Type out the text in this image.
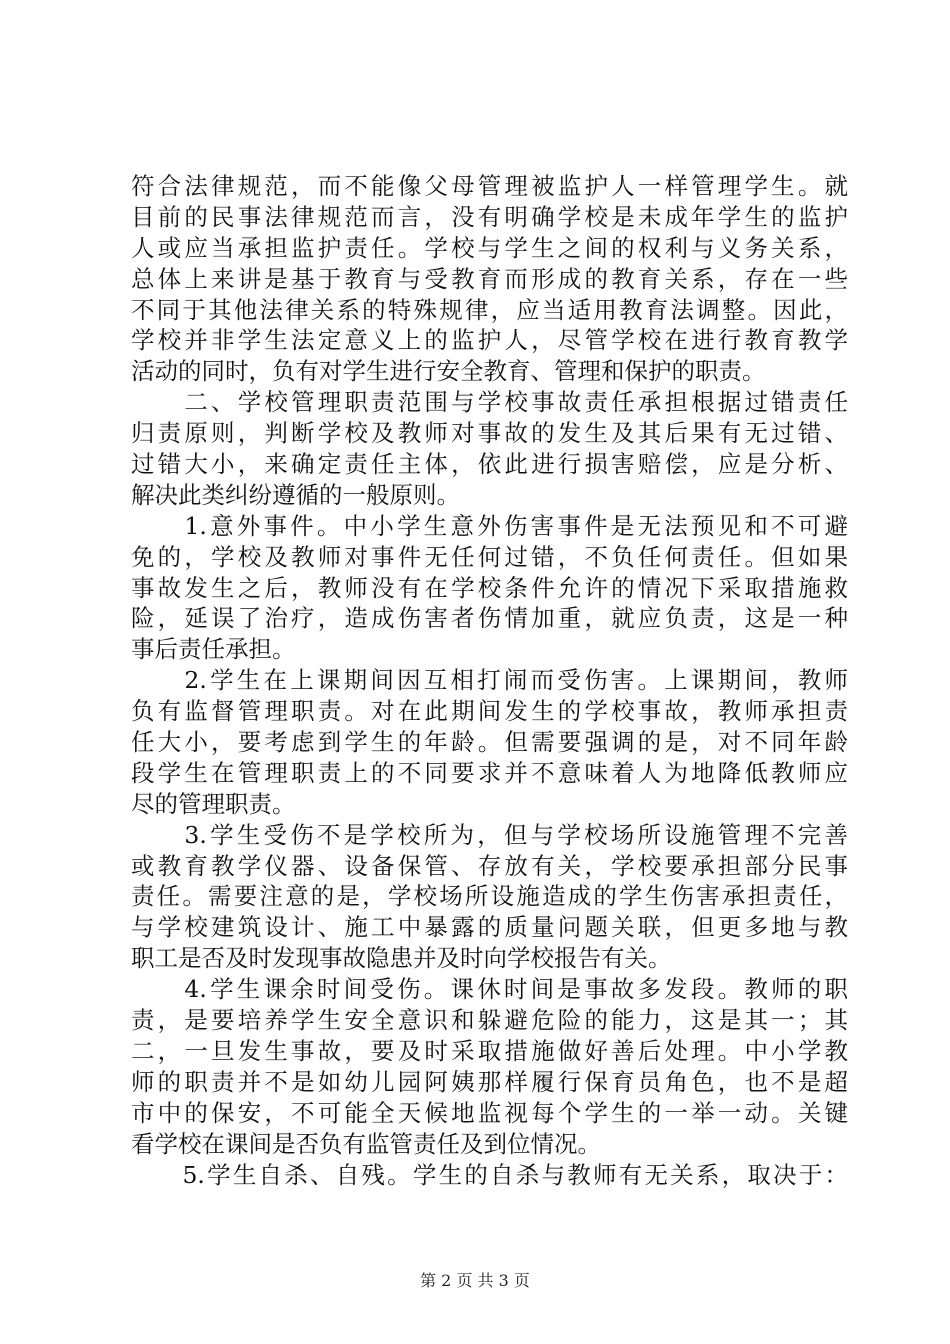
符合法律规范，而不能像父母管理被监护人一样管理学生。就
目前的民事法律规范而言，没有明确学校是未成年学生的监护
人或应当承担监护责任。学校与学生之间的权利与义务关系，
总体上来讲是基于教育与受教育而形成的教育关系，存在一些
不同于其他法律关系的特殊规律，应当适用教育法调整。因此，
学校并非学生法定意义上的监护人，尽管学校在进行教育教学
活动的同时，负有对学生进行安全教育、管理和保护的职责。
　　二、学校管理职责范围与学校事故责任承担根据过错责任
归责原则，判断学校及教师对事故的发生及其后果有无过错、
过错大小，来确定责任主体，依此进行损害赔偿，应是分析、
解决此类纠纷遵循的一般原则。
　　1.意外事件。中小学生意外伤害事件是无法预见和不可避
免的，学校及教师对事件无任何过错，不负任何责任。但如果
事故发生之后，教师没有在学校条件允许的情况下采取措施救
险，延误了治疗，造成伤害者伤情加重，就应负责，这是一种
事后责任承担。
　　2.学生在上课期间因互相打闹而受伤害。上课期间，教师
负有监督管理职责。对在此期间发生的学校事故，教师承担责
任大小，要考虑到学生的年龄。但需要强调的是，对不同年龄
段学生在管理职责上的不同要求并不意味着人为地降低教师应
尽的管理职责。
　　3.学生受伤不是学校所为，但与学校场所设施管理不完善
或教育教学仪器、设备保管、存放有关，学校要承担部分民事
责任。需要注意的是，学校场所设施造成的学生伤害承担责任，
与学校建筑设计、施工中暴露的质量问题关联，但更多地与教
职工是否及时发现事故隐患并及时向学校报告有关。
　　4.学生课余时间受伤。课休时间是事故多发段。教师的职
责，是要培养学生安全意识和躲避危险的能力，这是其一；其
二，一旦发生事故，要及时采取措施做好善后处理。中小学教
师的职责并不是如幼儿园阿姨那样履行保育员角色，也不是超
市中的保安，不可能全天候地监视每个学生的一举一动。关键
看学校在课间是否负有监管责任及到位情况。
　　5.学生自杀、自残。学生的自杀与教师有无关系，取决于：
第 2 页 共 3 页
